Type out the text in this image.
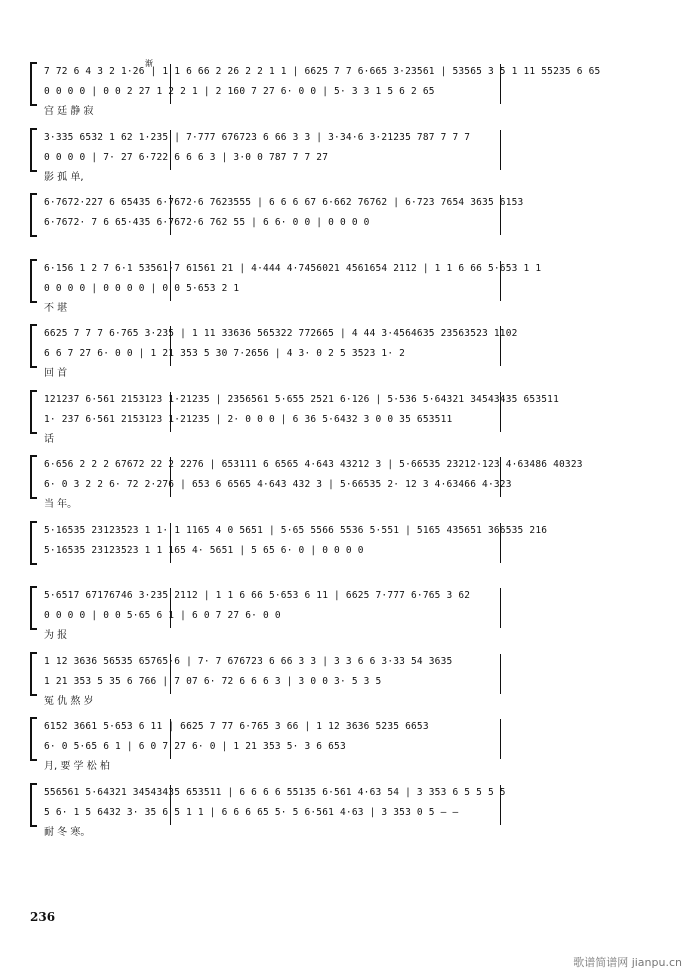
渐
7 72 6 4 3 2 1·26 | 1 1 6 66 2 26 2 2 1 1 | 6625 7 7 6·665 3·23561 | 53565 3 5 1 11 55235 6 65
0 0 0 0 | 0 0 2 27 1 2 2 1 | 2 160 7 27 6· 0 0 | 5· 3 3 1 5 6 2 65
宫 廷 静 寂
3·335 6532 1 62 1·235 | 7·777 676723 6 66 3 3 | 3·34·6 3·21235 787 7 7 7
0 0 0 0 | 7· 27 6·722 6 6 6 3 | 3·0 0 787 7 7 27
影 孤 单,
6·7672·227 6 65435 6·7672·6 7623555 | 6 6 6 67 6·662 76762 | 6·723 7654 3635 6153
6·7672· 7 6 65·435 6·7672·6 762 55 | 6 6· 0 0 | 0 0 0 0
6·156 1 2 7 6·1 53561·7 61561 21 | 4·444 4·7456021 4561654 2112 | 1 1 6 66 5·653 1 1
0 0 0 0 | 0 0 0 0 | 0 0 5·653 2 1
不 堪
6625 7 7 7 6·765 3·235 | 1 11 33636 565322 772665 | 4 44 3·4564635 23563523 1102
6 6 7 27 6· 0 0 | 1 21 353 5 30 7·2656 | 4 3· 0 2 5 3523 1· 2
回 首
121237 6·561 2153123 1·21235 | 2356561 5·655 2521 6·126 | 5·536 5·64321 34543435 653511
1· 237 6·561 2153123 1·21235 | 2· 0 0 0 | 6 36 5·6432 3 0 0 35 653511
话
6·656 2 2 2 67672 22 2 2276 | 653111 6 6565 4·643 43212 3 | 5·66535 23212·123 4·63486 40323
6· 0 3 2 2 6· 72 2·276 | 653 6 6565 4·643 432 3 | 5·66535 2· 12 3 4·63466 4·323
当 年。
5·16535 23123523 1 1· 1 1165 4 0 5651 | 5·65 5566 5536 5·551 | 5165 435651 366535 216
5·16535 23123523 1 1 165 4· 5651 | 5 65 6· 0 | 0 0 0 0
5·6517 67176746 3·235 2112 | 1 1 6 66 5·653 6 11 | 6625 7·777 6·765 3 62
0 0 0 0 | 0 0 5·65 6 1 | 6 0 7 27 6· 0 0
为 报
1 12 3636 56535 65765·6 | 7· 7 676723 6 66 3 3 | 3 3 6 6 3·33 54 3635
1 21 353 5 35 6 766 | 7 07 6· 72 6 6 6 3 | 3 0 0 3· 5 3 5
冤 仇 熬 岁
6152 3661 5·653 6 11 | 6625 7 77 6·765 3 66 | 1 12 3636 5235 6653
6· 0 5·65 6 1 | 6 0 7 27 6· 0 | 1 21 353 5· 3 6 653
月, 要 学 松 柏
556561 5·64321 34543435 653511 | 6 6 6 6 55135 6·561 4·63 54 | 3 353 6 5 5 5 5
5 6· 1 5 6432 3· 35 6 5 1 1 | 6 6 6 65 5· 5 6·561 4·63 | 3 353 0 5 — —
耐 冬 寒。
236
歌谱简谱网 jianpu.cn
